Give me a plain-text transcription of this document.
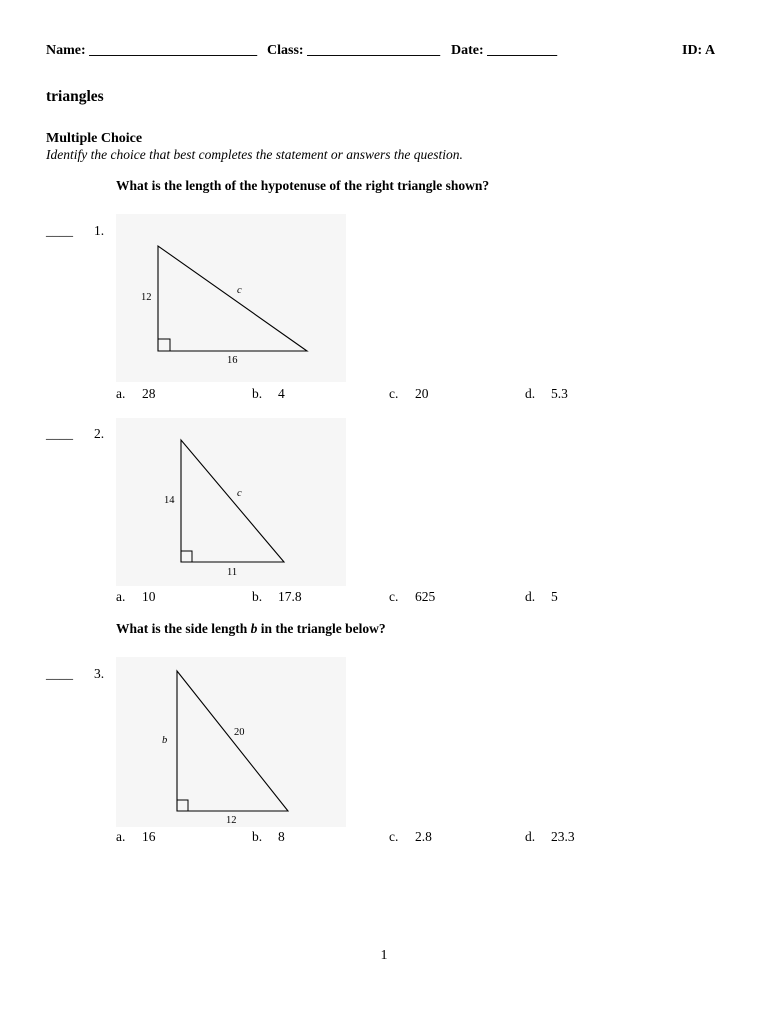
Name: ________________________ Class: ___________________ Date: __________	ID: A
triangles
Multiple Choice
Identify the choice that best completes the statement or answers the question.
What is the length of the hypotenuse of the right triangle shown?
____ 1.
12
16
c
a. 28	b. 4	c. 20	d. 5.3
____ 2.
14
11
c
a. 10	b. 17.8	c. 625	d. 5
What is the side length b in the triangle below?
____ 3.
b
12
20
a. 16	b. 8	c. 2.8	d. 23.3
1
